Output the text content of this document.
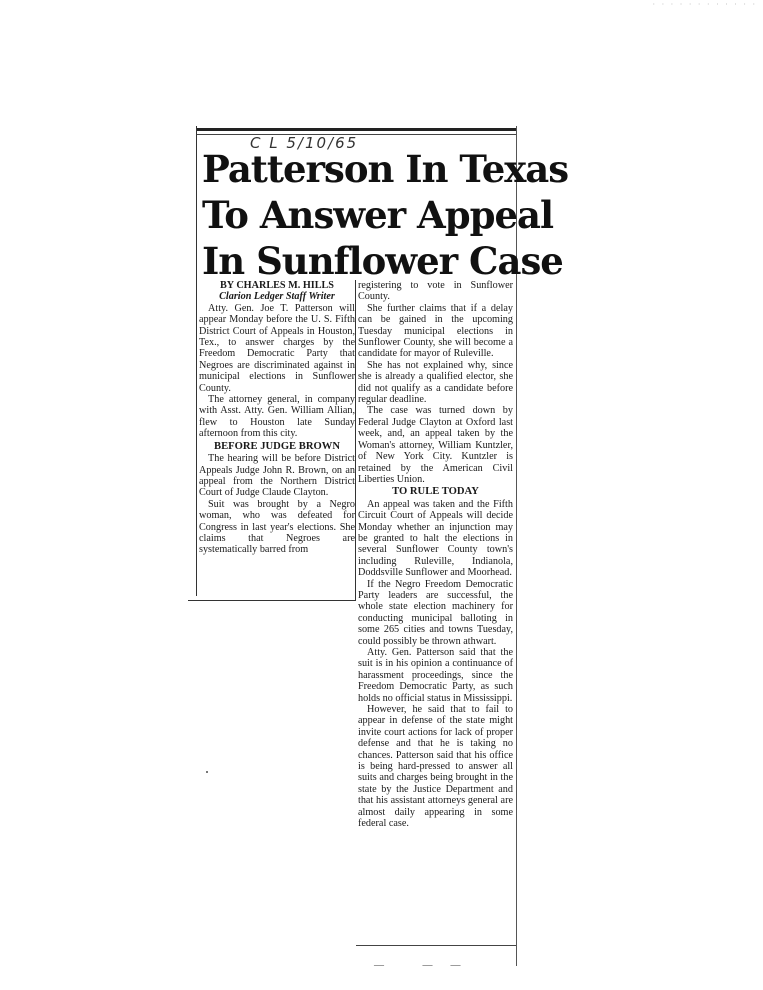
· · · · · · · · · · · ·
C L 5/10/65
Patterson In Texas
To Answer Appeal
In Sunflower Case
BY CHARLES M. HILLS
Clarion Ledger Staff Writer

Atty. Gen. Joe T. Patterson will appear Monday before the U. S. Fifth District Court of Appeals in Houston, Tex., to answer charges by the Freedom Democratic Party that Negroes are discriminated against in municipal elections in Sunflower County.

The attorney general, in company with Asst. Atty. Gen. William Allian, flew to Houston late Sunday afternoon from this city.

BEFORE JUDGE BROWN

The hearing will be before District Appeals Judge John R. Brown, on an appeal from the Northern District Court of Judge Claude Clayton.

Suit was brought by a Negro woman, who was defeated for Congress in last year's elections. She claims that Negroes are systematically barred from

registering to vote in Sunflower County.

She further claims that if a delay can be gained in the upcoming Tuesday municipal elections in Sunflower County, she will become a candidate for mayor of Ruleville.

She has not explained why, since she is already a qualified elector, she did not qualify as a candidate before regular deadline.

The case was turned down by Federal Judge Clayton at Oxford last week, and, an appeal taken by the Woman's attorney, William Kuntzler, of New York City. Kuntzler is retained by the American Civil Liberties Union.

TO RULE TODAY

An appeal was taken and the Fifth Circuit Court of Appeals will decide Monday whether an injunction may be granted to halt the elections in several Sunflower County town's including Ruleville, Indianola, Doddsville Sunflower and Moorhead.

If the Negro Freedom Democratic Party leaders are successful, the whole state election machinery for conducting municipal balloting in some 265 cities and towns Tuesday, could possibly be thrown athwart.

Atty. Gen. Patterson said that the suit is in his opinion a continuance of harassment proceedings, since the Freedom Democratic Party, as such holds no official status in Mississippi.

However, he said that to fail to appear in defense of the state might invite court actions for lack of proper defense and that he is taking no chances. Patterson said that his office is being hard-pressed to answer all suits and charges being brought in the state by the Justice Department and that his assistant attorneys general are almost daily appearing in some federal case.

— ——
